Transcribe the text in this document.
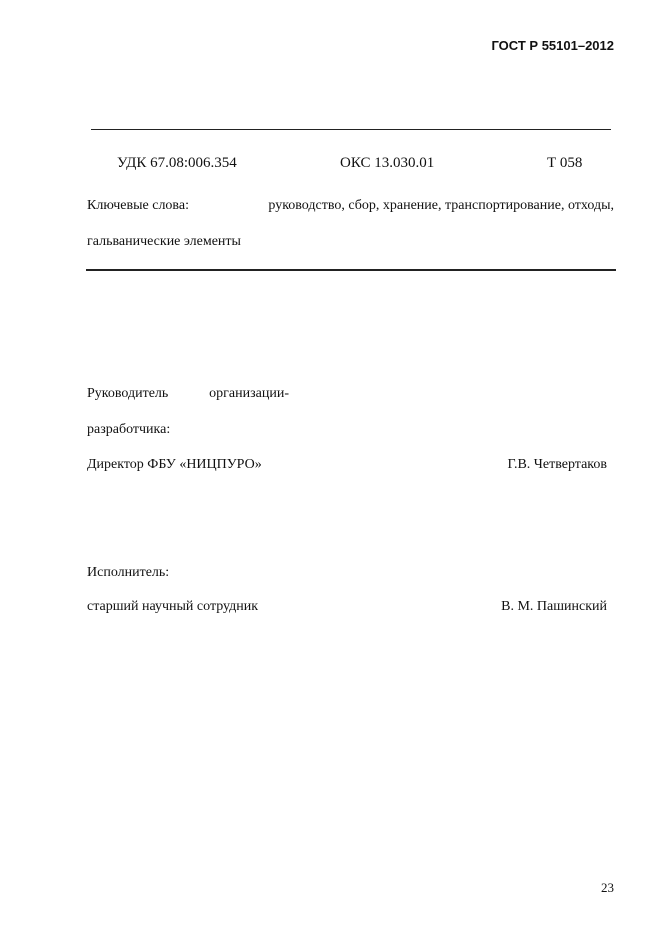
ГОСТ Р 55101–2012
УДК 67.08:006.354	ОКС 13.030.01	Т 058
Ключевые слова:	руководство, сбор, хранение, транспортирование, отходы,
гальванические элементы
Руководитель	организации-
разработчика:
Директор ФБУ «НИЦПУРО»	Г.В. Четвертаков
Исполнитель:
старший научный сотрудник	В. М. Пашинский
23
